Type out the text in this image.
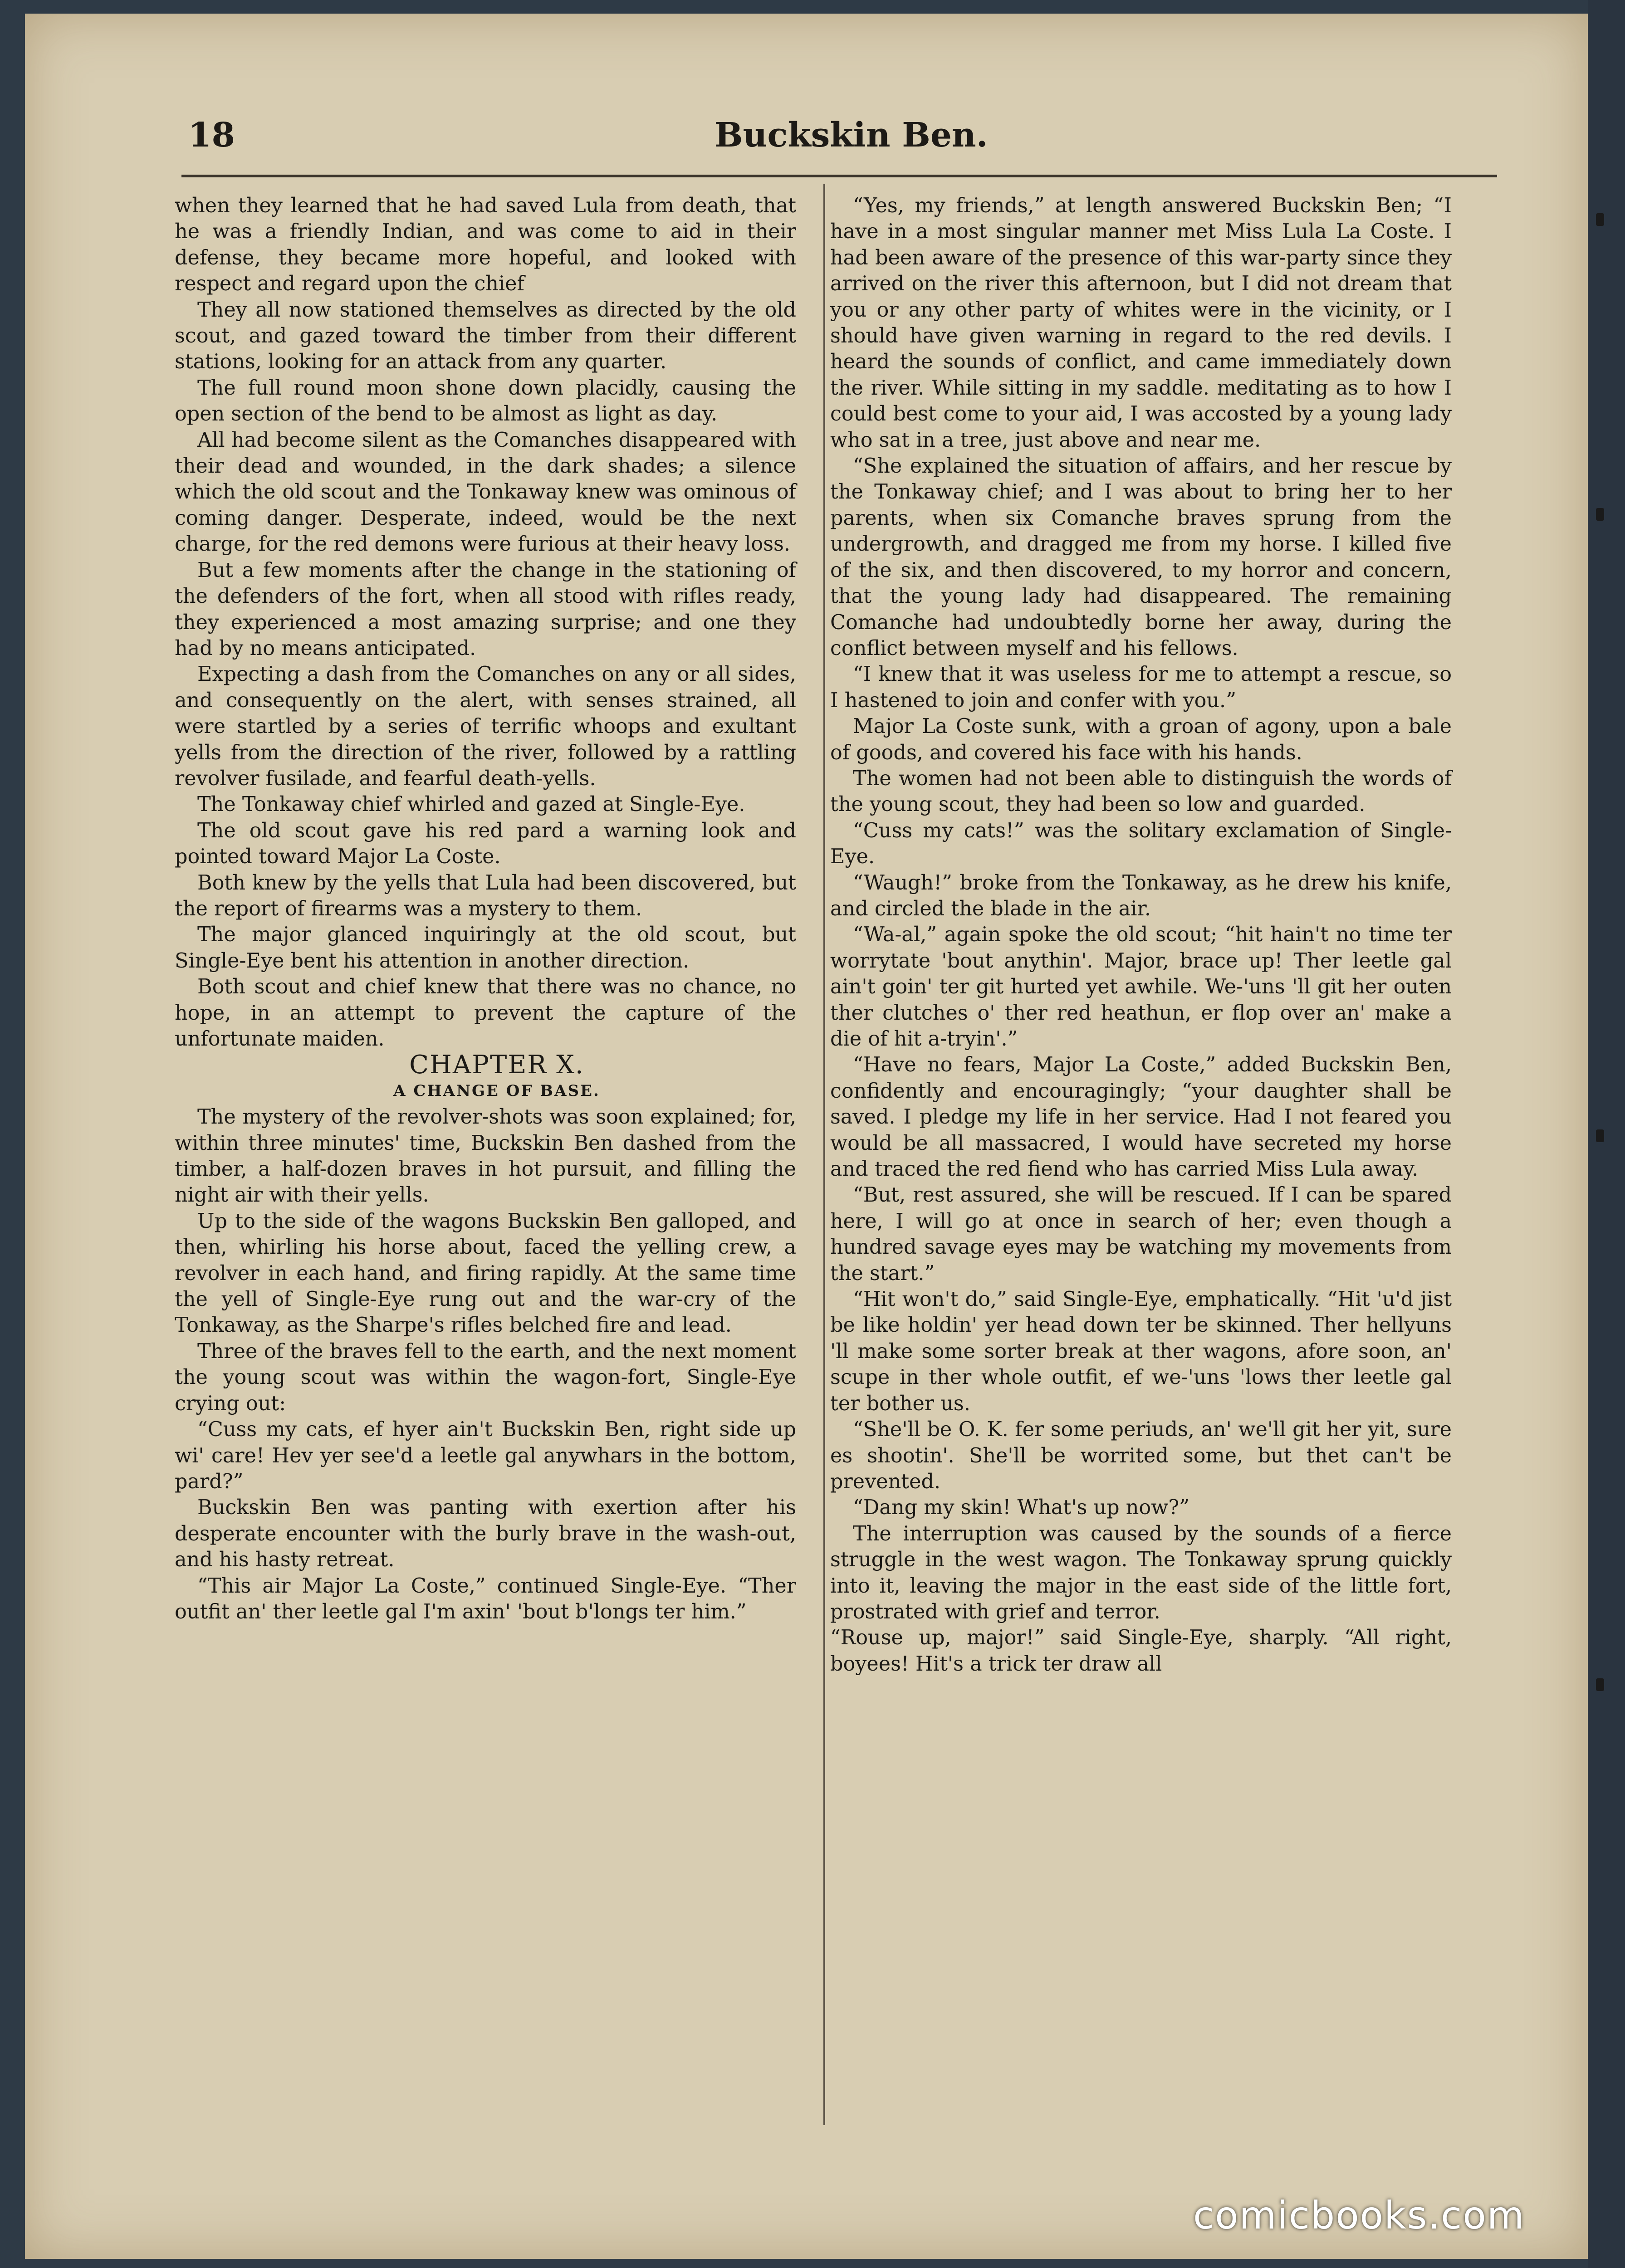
18	Buckskin Ben.

when they learned that he had saved Lula from death, that he was a friendly Indian, and was come to aid in their defense, they became more hopeful, and looked with respect and regard upon the chief

They all now stationed themselves as directed by the old scout, and gazed toward the timber from their different stations, looking for an attack from any quarter.

The full round moon shone down placidly, causing the open section of the bend to be almost as light as day.

All had become silent as the Comanches disappeared with their dead and wounded, in the dark shades; a silence which the old scout and the Tonkaway knew was ominous of coming danger. Desperate, indeed, would be the next charge, for the red demons were furious at their heavy loss.

But a few moments after the change in the stationing of the defenders of the fort, when all stood with rifles ready, they experienced a most amazing surprise; and one they had by no means anticipated.

Expecting a dash from the Comanches on any or all sides, and consequently on the alert, with senses strained, all were startled by a series of terrific whoops and exultant yells from the direction of the river, followed by a rattling revolver fusilade, and fearful death-yells.

The Tonkaway chief whirled and gazed at Single-Eye.

The old scout gave his red pard a warning look and pointed toward Major La Coste.

Both knew by the yells that Lula had been discovered, but the report of firearms was a mystery to them.

The major glanced inquiringly at the old scout, but Single-Eye bent his attention in another direction.

Both scout and chief knew that there was no chance, no hope, in an attempt to prevent the capture of the unfortunate maiden.

CHAPTER X.

A CHANGE OF BASE.

The mystery of the revolver-shots was soon explained; for, within three minutes' time, Buckskin Ben dashed from the timber, a half-dozen braves in hot pursuit, and filling the night air with their yells.

Up to the side of the wagons Buckskin Ben galloped, and then, whirling his horse about, faced the yelling crew, a revolver in each hand, and firing rapidly. At the same time the yell of Single-Eye rung out and the war-cry of the Tonkaway, as the Sharpe's rifles belched fire and lead.

Three of the braves fell to the earth, and the next moment the young scout was within the wagon-fort, Single-Eye crying out:

“Cuss my cats, ef hyer ain't Buckskin Ben, right side up wi' care! Hev yer see'd a leetle gal anywhars in the bottom, pard?”

Buckskin Ben was panting with exertion after his desperate encounter with the burly brave in the wash-out, and his hasty retreat.

“This air Major La Coste,” continued Single-Eye. “Ther outfit an' ther leetle gal I'm axin' 'bout b'longs ter him.”

“Yes, my friends,” at length answered Buckskin Ben; “I have in a most singular manner met Miss Lula La Coste. I had been aware of the presence of this war-party since they arrived on the river this afternoon, but I did not dream that you or any other party of whites were in the vicinity, or I should have given warning in regard to the red devils. I heard the sounds of conflict, and came immediately down the river. While sitting in my saddle. meditating as to how I could best come to your aid, I was accosted by a young lady who sat in a tree, just above and near me.

“She explained the situation of affairs, and her rescue by the Tonkaway chief; and I was about to bring her to her parents, when six Comanche braves sprung from the undergrowth, and dragged me from my horse. I killed five of the six, and then discovered, to my horror and concern, that the young lady had disappeared. The remaining Comanche had undoubtedly borne her away, during the conflict between myself and his fellows.

“I knew that it was useless for me to attempt a rescue, so I hastened to join and confer with you.”

Major La Coste sunk, with a groan of agony, upon a bale of goods, and covered his face with his hands.

The women had not been able to distinguish the words of the young scout, they had been so low and guarded.

“Cuss my cats!” was the solitary exclamation of Single-Eye.

“Waugh!” broke from the Tonkaway, as he drew his knife, and circled the blade in the air.

“Wa-al,” again spoke the old scout; “hit hain't no time ter worrytate 'bout anythin'. Major, brace up! Ther leetle gal ain't goin' ter git hurted yet awhile. We-'uns 'll git her outen ther clutches o' ther red heathun, er flop over an' make a die of hit a-tryin'.”

“Have no fears, Major La Coste,” added Buckskin Ben, confidently and encouragingly; “your daughter shall be saved. I pledge my life in her service. Had I not feared you would be all massacred, I would have secreted my horse and traced the red fiend who has carried Miss Lula away.

“But, rest assured, she will be rescued. If I can be spared here, I will go at once in search of her; even though a hundred savage eyes may be watching my movements from the start.”

“Hit won't do,” said Single-Eye, emphatically. “Hit 'u'd jist be like holdin' yer head down ter be skinned. Ther hellyuns 'll make some sorter break at ther wagons, afore soon, an' scupe in ther whole outfit, ef we-'uns 'lows ther leetle gal ter bother us.

“She'll be O. K. fer some periuds, an' we'll git her yit, sure es shootin'. She'll be worrited some, but thet can't be prevented.

“Dang my skin! What's up now?”

The interruption was caused by the sounds of a fierce struggle in the west wagon. The Tonkaway sprung quickly into it, leaving the major in the east side of the little fort, prostrated with grief and terror.

“Rouse up, major!” said Single-Eye, sharply. “All right, boyees! Hit's a trick ter draw all

comicbooks.com
